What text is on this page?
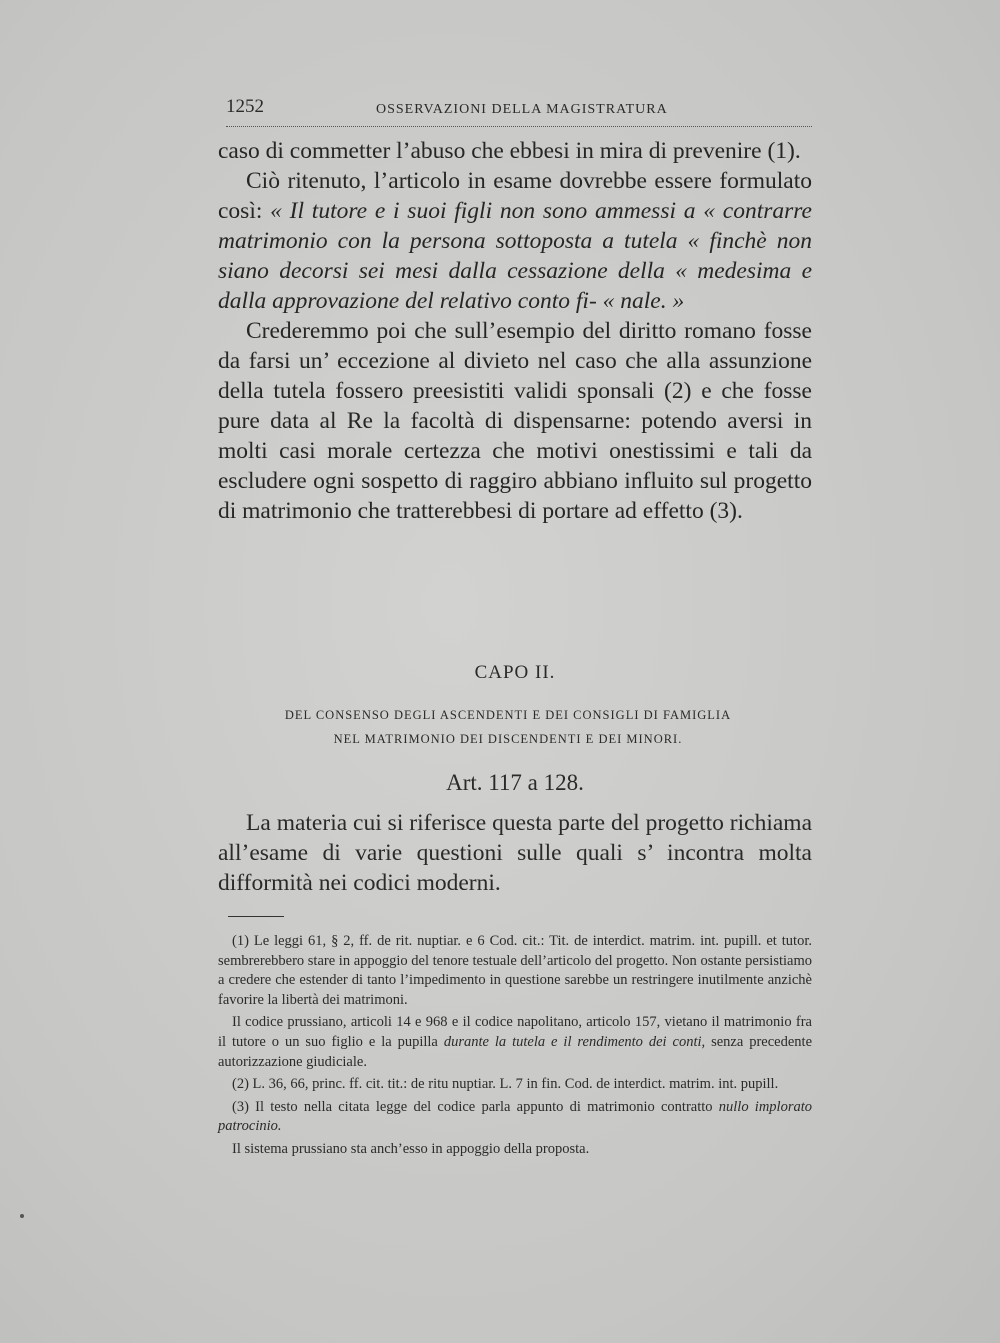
1252	OSSERVAZIONI DELLA MAGISTRATURA

caso di commetter l’abuso che ebbesi in mira di prevenire (1).

Ciò ritenuto, l’articolo in esame dovrebbe essere formulato così: « Il tutore e i suoi figli non sono ammessi a « contrarre matrimonio con la persona sottoposta a tutela « finchè non siano decorsi sei mesi dalla cessazione della « medesima e dalla approvazione del relativo conto fi- « nale. »

Crederemmo poi che sull’esempio del diritto romano fosse da farsi un’ eccezione al divieto nel caso che alla assunzione della tutela fossero preesistiti validi sponsali (2) e che fosse pure data al Re la facoltà di dispensarne: potendo aversi in molti casi morale certezza che motivi onestissimi e tali da escludere ogni sospetto di raggiro abbiano influito sul progetto di matrimonio che tratterebbesi di portare ad effetto (3).

CAPO II.
DEL CONSENSO DEGLI ASCENDENTI E DEI CONSIGLI DI FAMIGLIA
NEL MATRIMONIO DEI DISCENDENTI E DEI MINORI.
Art. 117 a 128.

La materia cui si riferisce questa parte del progetto richiama all’esame di varie questioni sulle quali s’ incontra molta difformità nei codici moderni.

(1) Le leggi 61, § 2, ff. de rit. nuptiar. e 6 Cod. cit.: Tit. de interdict. matrim. int. pupill. et tutor. sembrerebbero stare in appoggio del tenore testuale dell’articolo del progetto. Non ostante persistiamo a credere che estender di tanto l’impedimento in questione sarebbe un restringere inutilmente anzichè favorire la libertà dei matrimoni.

Il codice prussiano, articoli 14 e 968 e il codice napolitano, articolo 157, vietano il matrimonio fra il tutore o un suo figlio e la pupilla durante la tutela e il rendimento dei conti, senza precedente autorizzazione giudiciale.

(2) L. 36, 66, princ. ff. cit. tit.: de ritu nuptiar. L. 7 in fin. Cod. de interdict. matrim. int. pupill.

(3) Il testo nella citata legge del codice parla appunto di matrimonio contratto nullo implorato patrocinio.

Il sistema prussiano sta anch’esso in appoggio della proposta.
